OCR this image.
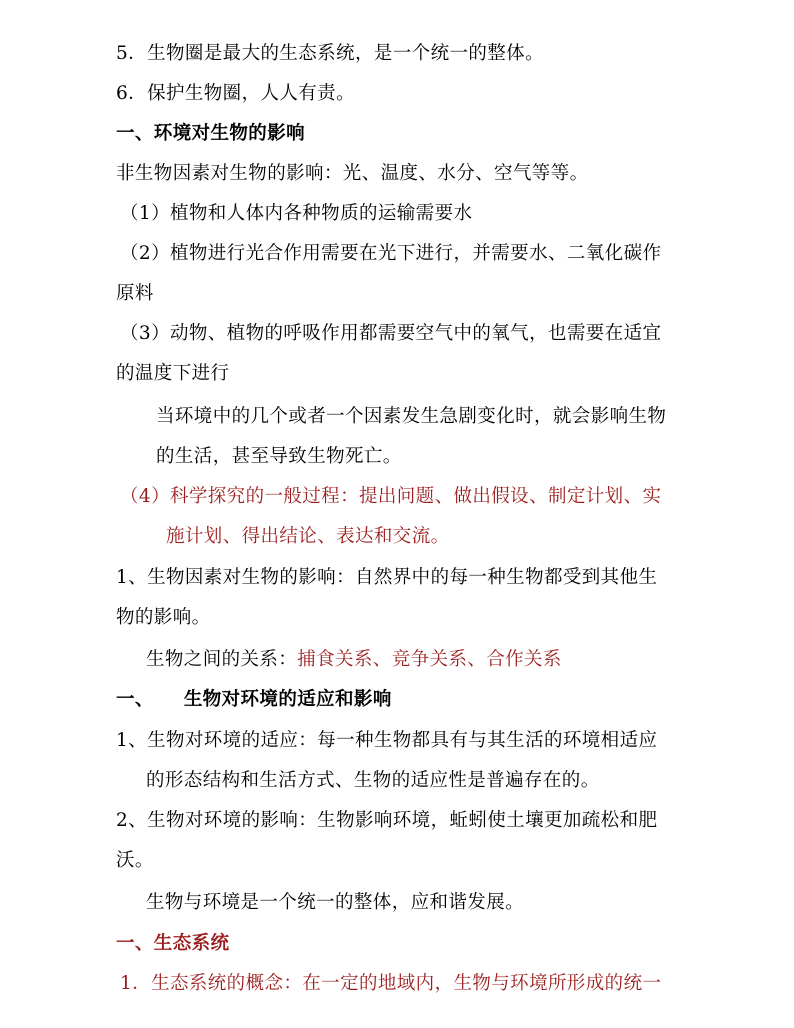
5．生物圈是最大的生态系统，是一个统一的整体。
6．保护生物圈，人人有责。
一、环境对生物的影响
非生物因素对生物的影响：光、温度、水分、空气等等。
（1）植物和人体内各种物质的运输需要水
（2）植物进行光合作用需要在光下进行，并需要水、二氧化碳作
原料
（3）动物、植物的呼吸作用都需要空气中的氧气，也需要在适宜
的温度下进行
当环境中的几个或者一个因素发生急剧变化时，就会影响生物
的生活，甚至导致生物死亡。
（4）科学探究的一般过程：提出问题、做出假设、制定计划、实
施计划、得出结论、表达和交流。
1、生物因素对生物的影响：自然界中的每一种生物都受到其他生
物的影响。
生物之间的关系：捕食关系、竞争关系、合作关系
一、 生物对环境的适应和影响
1、生物对环境的适应：每一种生物都具有与其生活的环境相适应
的形态结构和生活方式、生物的适应性是普遍存在的。
2、生物对环境的影响：生物影响环境，蚯蚓使土壤更加疏松和肥
沃。
生物与环境是一个统一的整体，应和谐发展。
一、生态系统
1．生态系统的概念：在一定的地域内，生物与环境所形成的统一
